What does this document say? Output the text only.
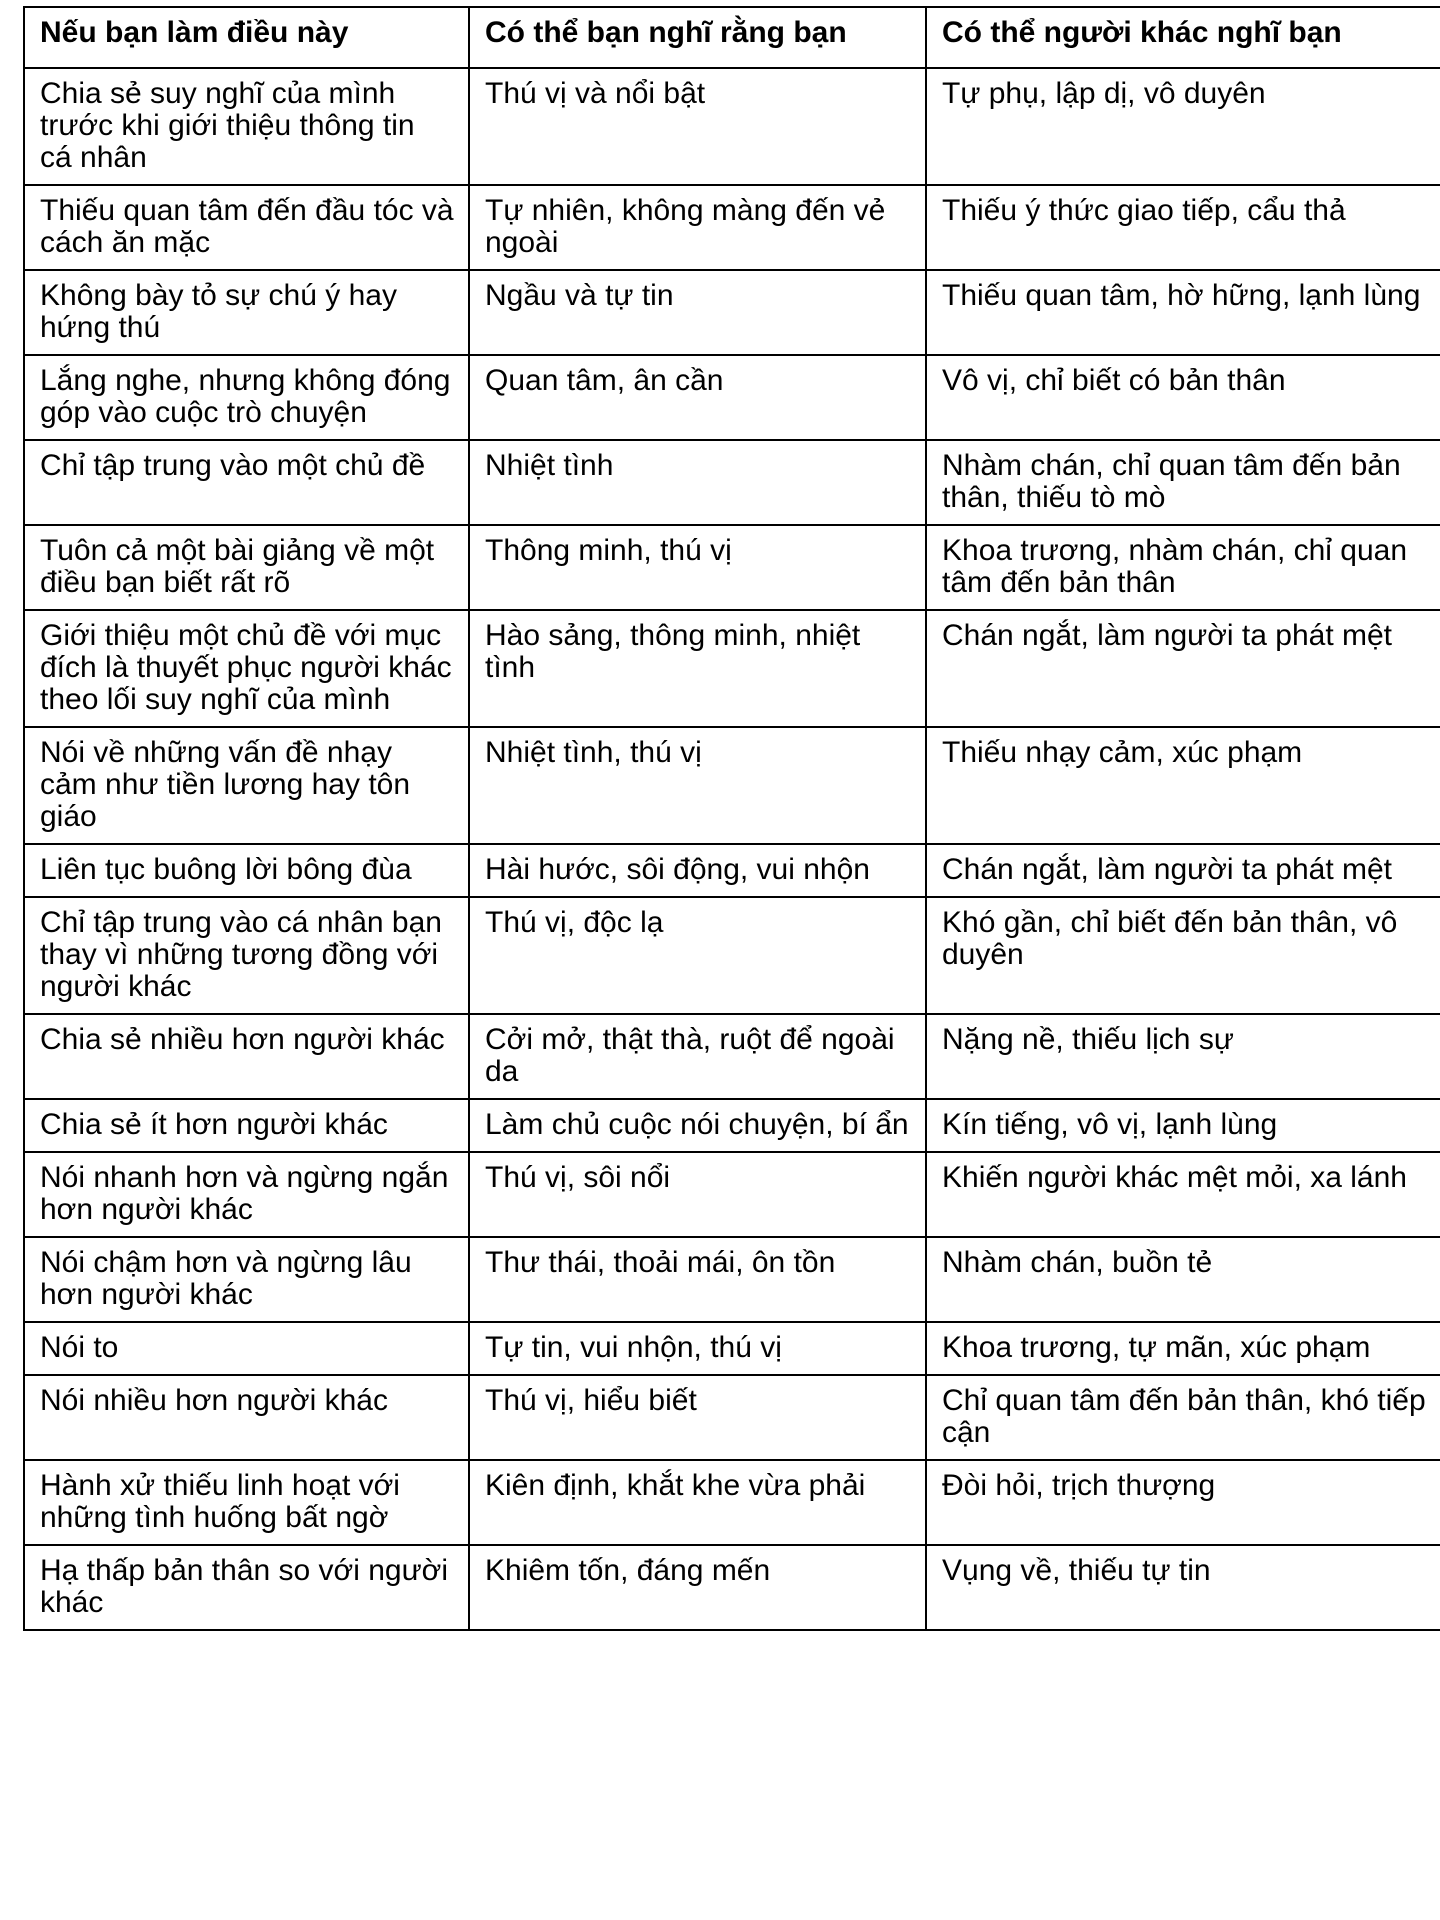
Nếu bạn làm điều này	Có thể bạn nghĩ rằng bạn	Có thể người khác nghĩ bạn
Chia sẻ suy nghĩ của mình trước khi giới thiệu thông tin cá nhân	Thú vị và nổi bật	Tự phụ, lập dị, vô duyên
Thiếu quan tâm đến đầu tóc và cách ăn mặc	Tự nhiên, không màng đến vẻ ngoài	Thiếu ý thức giao tiếp, cẩu thả
Không bày tỏ sự chú ý hay hứng thú	Ngầu và tự tin	Thiếu quan tâm, hờ hững, lạnh lùng
Lắng nghe, nhưng không đóng góp vào cuộc trò chuyện	Quan tâm, ân cần	Vô vị, chỉ biết có bản thân
Chỉ tập trung vào một chủ đề	Nhiệt tình	Nhàm chán, chỉ quan tâm đến bản thân, thiếu tò mò
Tuôn cả một bài giảng về một điều bạn biết rất rõ	Thông minh, thú vị	Khoa trương, nhàm chán, chỉ quan tâm đến bản thân
Giới thiệu một chủ đề với mục đích là thuyết phục người khác theo lối suy nghĩ của mình	Hào sảng, thông minh, nhiệt tình	Chán ngắt, làm người ta phát mệt
Nói về những vấn đề nhạy cảm như tiền lương hay tôn giáo	Nhiệt tình, thú vị	Thiếu nhạy cảm, xúc phạm
Liên tục buông lời bông đùa	Hài hước, sôi động, vui nhộn	Chán ngắt, làm người ta phát mệt
Chỉ tập trung vào cá nhân bạn thay vì những tương đồng với người khác	Thú vị, độc lạ	Khó gần, chỉ biết đến bản thân, vô duyên
Chia sẻ nhiều hơn người khác	Cởi mở, thật thà, ruột để ngoài da	Nặng nề, thiếu lịch sự
Chia sẻ ít hơn người khác	Làm chủ cuộc nói chuyện, bí ẩn	Kín tiếng, vô vị, lạnh lùng
Nói nhanh hơn và ngừng ngắn hơn người khác	Thú vị, sôi nổi	Khiến người khác mệt mỏi, xa lánh
Nói chậm hơn và ngừng lâu hơn người khác	Thư thái, thoải mái, ôn tồn	Nhàm chán, buồn tẻ
Nói to	Tự tin, vui nhộn, thú vị	Khoa trương, tự mãn, xúc phạm
Nói nhiều hơn người khác	Thú vị, hiểu biết	Chỉ quan tâm đến bản thân, khó tiếp cận
Hành xử thiếu linh hoạt với những tình huống bất ngờ	Kiên định, khắt khe vừa phải	Đòi hỏi, trịch thượng
Hạ thấp bản thân so với người khác	Khiêm tốn, đáng mến	Vụng về, thiếu tự tin
